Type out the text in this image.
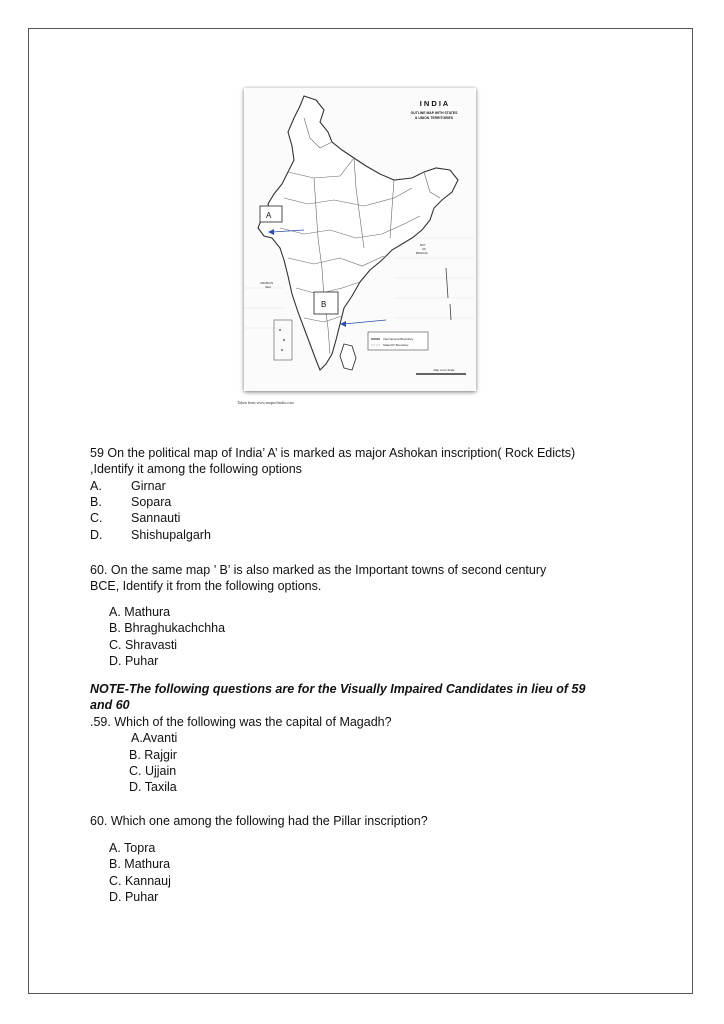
I N D I A
OUTLINE MAP WITH STATES
& UNION TERRITORIES
A
B
ARABIAN
SEA
BAY
OF
BENGAL
International Boundary
State/UT Boundary
Map not to Scale
Taken from www.mapsofindia.com
59 On the political map of India’ A’ is marked as major Ashokan inscription( Rock Edicts)
,Identify it among the following options
A. Girnar
B. Sopara
C. Sannauti
D. Shishupalgarh
60. On the same map ’ B’ is also marked as the Important towns of second century
BCE, Identify it from the following options.
A. Mathura
B. Bhraghukachchha
C. Shravasti
D. Puhar
NOTE-The following questions are for the Visually Impaired Candidates in lieu of 59
and 60
.59. Which of the following was the capital of Magadh?
A.Avanti
B. Rajgir
C. Ujjain
D. Taxila
60. Which one among the following had the Pillar inscription?
A. Topra
B. Mathura
C. Kannauj
D. Puhar
